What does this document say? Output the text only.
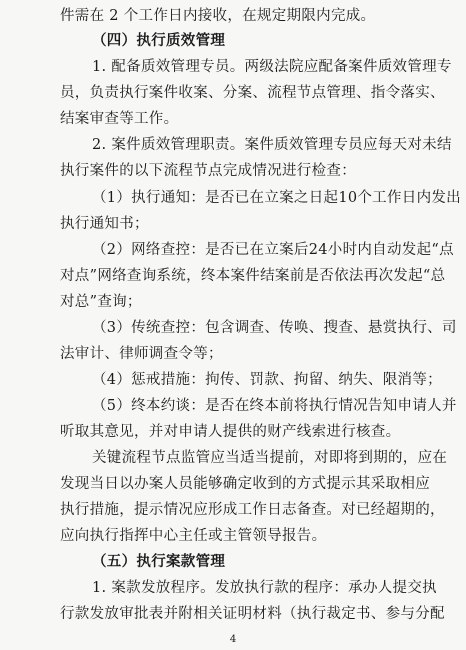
件需在 2 个工作日内接收，在规定期限内完成。
（四）执行质效管理
1. 配备质效管理专员。两级法院应配备案件质效管理专
员，负责执行案件收案、分案、流程节点管理、指令落实、
结案审查等工作。
2. 案件质效管理职责。案件质效管理专员应每天对未结
执行案件的以下流程节点完成情况进行检查：
（1）执行通知：是否已在立案之日起10个工作日内发出
执行通知书；
（2）网络查控：是否已在立案后24小时内自动发起“点
对点”网络查询系统，终本案件结案前是否依法再次发起“总
对总”查询；
（3）传统查控：包含调查、传唤、搜查、悬赏执行、司
法审计、律师调查令等；
（4）惩戒措施：拘传、罚款、拘留、纳失、限消等；
（5）终本约谈：是否在终本前将执行情况告知申请人并
听取其意见，并对申请人提供的财产线索进行核查。
关键流程节点监管应当适当提前，对即将到期的，应在
发现当日以办案人员能够确定收到的方式提示其采取相应
执行措施，提示情况应形成工作日志备查。对已经超期的，
应向执行指挥中心主任或主管领导报告。
（五）执行案款管理
1. 案款发放程序。发放执行款的程序：承办人提交执
行款发放审批表并附相关证明材料（执行裁定书、参与分配
4
